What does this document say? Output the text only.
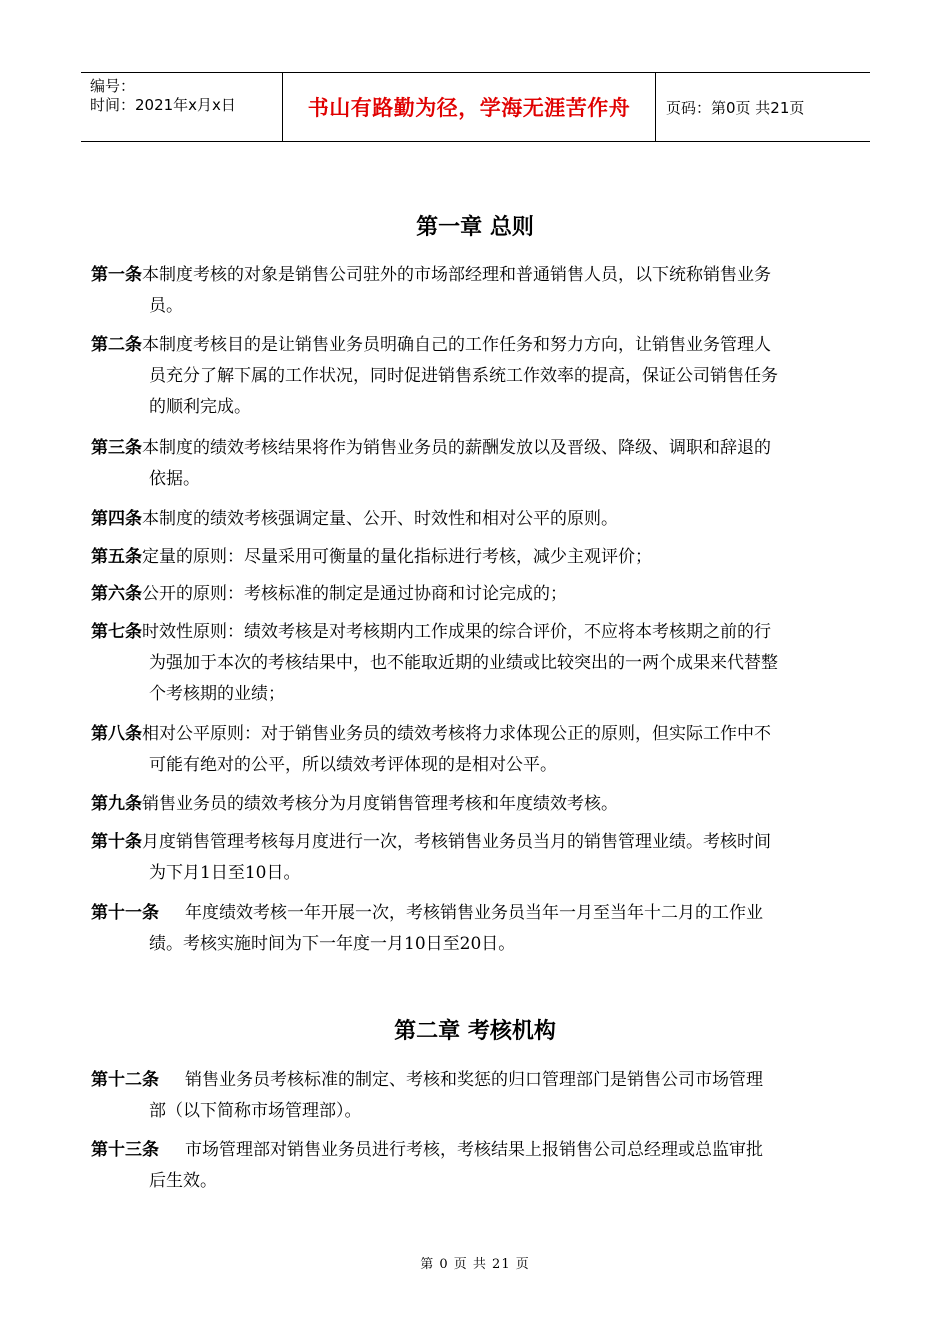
编号：
时间：2021年x月x日	书山有路勤为径，学海无涯苦作舟	页码：第0页 共21页
第一章 总则
第一条本制度考核的对象是销售公司驻外的市场部经理和普通销售人员，以下统称销售业务
员。
第二条本制度考核目的是让销售业务员明确自己的工作任务和努力方向，让销售业务管理人
员充分了解下属的工作状况，同时促进销售系统工作效率的提高，保证公司销售任务
的顺利完成。
第三条本制度的绩效考核结果将作为销售业务员的薪酬发放以及晋级、降级、调职和辞退的
依据。
第四条本制度的绩效考核强调定量、公开、时效性和相对公平的原则。
第五条定量的原则：尽量采用可衡量的量化指标进行考核，减少主观评价；
第六条公开的原则：考核标准的制定是通过协商和讨论完成的；
第七条时效性原则：绩效考核是对考核期内工作成果的综合评价，不应将本考核期之前的行
为强加于本次的考核结果中，也不能取近期的业绩或比较突出的一两个成果来代替整
个考核期的业绩；
第八条相对公平原则：对于销售业务员的绩效考核将力求体现公正的原则，但实际工作中不
可能有绝对的公平，所以绩效考评体现的是相对公平。
第九条销售业务员的绩效考核分为月度销售管理考核和年度绩效考核。
第十条月度销售管理考核每月度进行一次，考核销售业务员当月的销售管理业绩。考核时间
为下月1日至10日。
第十一条 年度绩效考核一年开展一次，考核销售业务员当年一月至当年十二月的工作业
绩。考核实施时间为下一年度一月10日至20日。
第二章 考核机构
第十二条 销售业务员考核标准的制定、考核和奖惩的归口管理部门是销售公司市场管理
部（以下简称市场管理部）。
第十三条 市场管理部对销售业务员进行考核，考核结果上报销售公司总经理或总监审批
后生效。
第 0 页 共 21 页
